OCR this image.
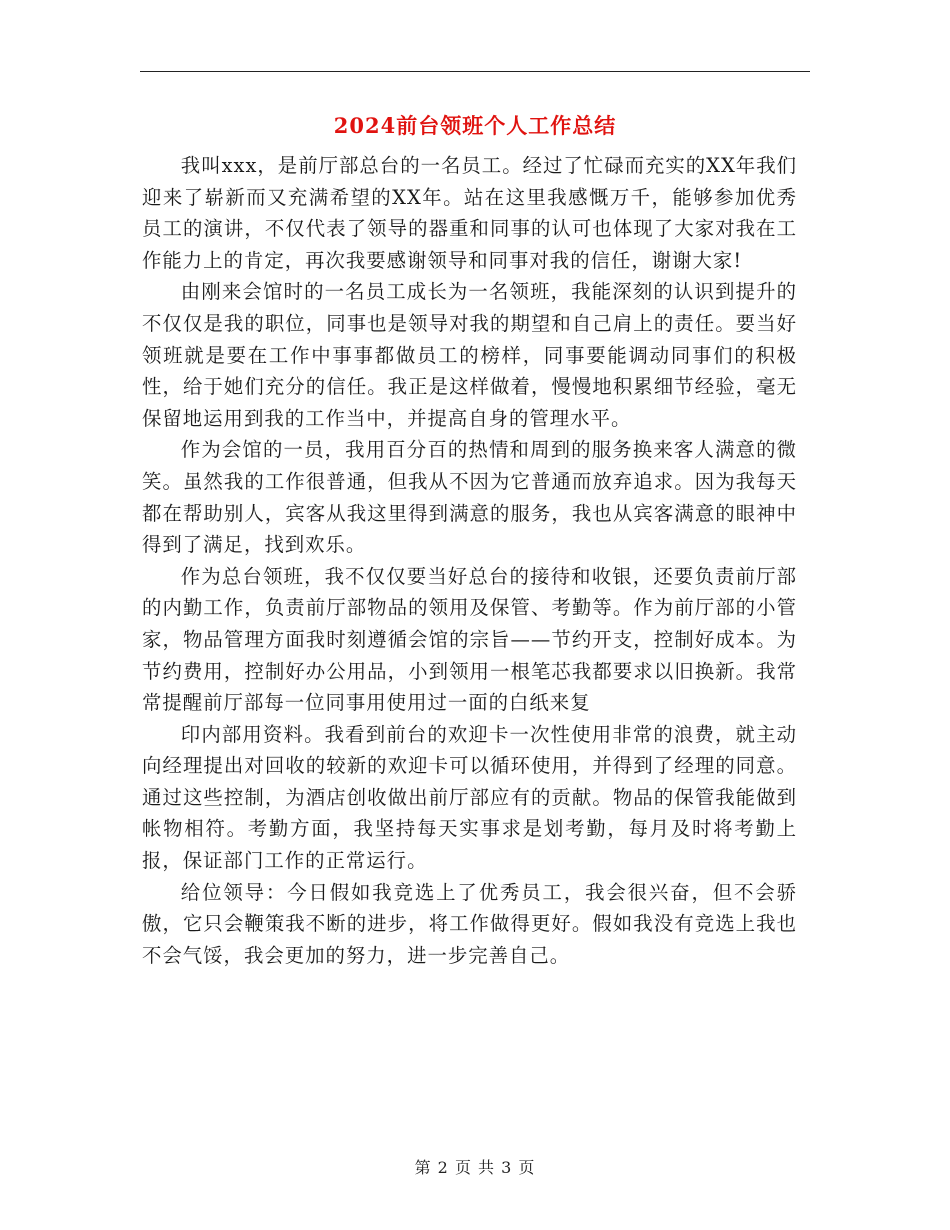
2024前台领班个人工作总结

我叫xxx，是前厅部总台的一名员工。经过了忙碌而充实的XX年我们迎来了崭新而又充满希望的XX年。站在这里我感慨万千，能够参加优秀员工的演讲，不仅代表了领导的器重和同事的认可也体现了大家对我在工作能力上的肯定，再次我要感谢领导和同事对我的信任，谢谢大家!

由刚来会馆时的一名员工成长为一名领班，我能深刻的认识到提升的不仅仅是我的职位，同事也是领导对我的期望和自己肩上的责任。要当好领班就是要在工作中事事都做员工的榜样，同事要能调动同事们的积极性，给于她们充分的信任。我正是这样做着，慢慢地积累细节经验，毫无保留地运用到我的工作当中，并提高自身的管理水平。

作为会馆的一员，我用百分百的热情和周到的服务换来客人满意的微笑。虽然我的工作很普通，但我从不因为它普通而放弃追求。因为我每天都在帮助别人，宾客从我这里得到满意的服务，我也从宾客满意的眼神中得到了满足，找到欢乐。

作为总台领班，我不仅仅要当好总台的接待和收银，还要负责前厅部的内勤工作，负责前厅部物品的领用及保管、考勤等。作为前厅部的小管家，物品管理方面我时刻遵循会馆的宗旨——节约开支，控制好成本。为节约费用，控制好办公用品，小到领用一根笔芯我都要求以旧换新。我常常提醒前厅部每一位同事用使用过一面的白纸来复

印内部用资料。我看到前台的欢迎卡一次性使用非常的浪费，就主动向经理提出对回收的较新的欢迎卡可以循环使用，并得到了经理的同意。通过这些控制，为酒店创收做出前厅部应有的贡献。物品的保管我能做到帐物相符。考勤方面，我坚持每天实事求是划考勤，每月及时将考勤上报，保证部门工作的正常运行。

给位领导：今日假如我竞选上了优秀员工，我会很兴奋，但不会骄傲，它只会鞭策我不断的进步，将工作做得更好。假如我没有竞选上我也不会气馁，我会更加的努力，进一步完善自己。

第 2 页 共 3 页
